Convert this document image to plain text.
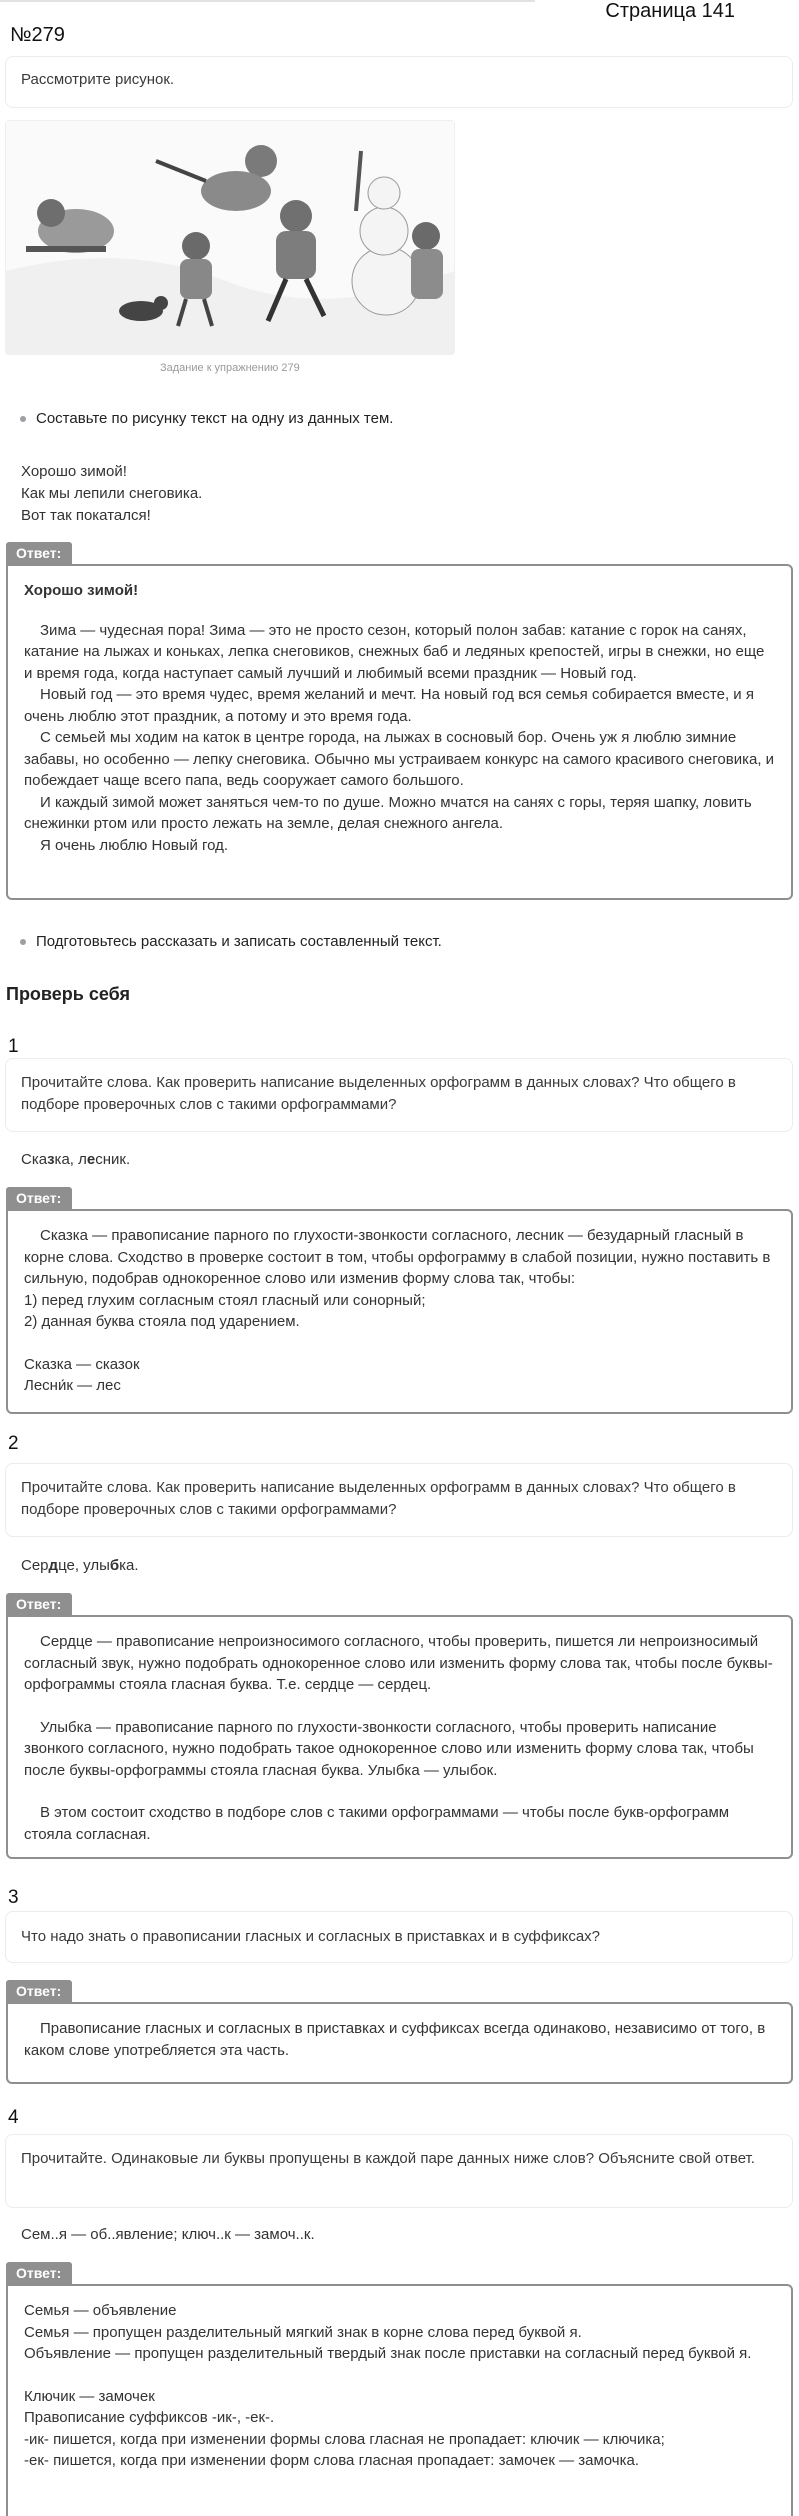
Страница 141
№279
Рассмотрите рисунок.
Задание к упражнению 279
Составьте по рисунку текст на одну из данных тем.
Хорошо зимой!
Как мы лепили снеговика.
Вот так покатался!
Ответ:

Хорошо зимой!

Зима — чудесная пора! Зима — это не просто сезон, который полон забав: катание с горок на санях, катание на лыжах и коньках, лепка снеговиков, снежных баб и ледяных крепостей, игры в снежки, но еще и время года, когда наступает самый лучший и любимый всеми праздник — Новый год.

Новый год — это время чудес, время желаний и мечт. На новый год вся семья собирается вместе, и я очень люблю этот праздник, а потому и это время года.

С семьей мы ходим на каток в центре города, на лыжах в сосновый бор. Очень уж я люблю зимние забавы, но особенно — лепку снеговика. Обычно мы устраиваем конкурс на самого красивого снеговика, и побеждает чаще всего папа, ведь сооружает самого большого.

И каждый зимой может заняться чем-то по душе. Можно мчатся на санях с горы, теряя шапку, ловить снежинки ртом или просто лежать на земле, делая снежного ангела.

Я очень люблю Новый год.

Подготовьтесь рассказать и записать составленный текст.
Проверь себя
1
Прочитайте слова. Как проверить написание выделенных орфограмм в данных словах? Что общего в подборе проверочных слов с такими орфограммами?
Сказка, лесник.
Ответ:

Сказка — правописание парного по глухости-звонкости согласного, лесник — безударный гласный в корне слова. Сходство в проверке состоит в том, чтобы орфограмму в слабой позиции, нужно поставить в сильную, подобрав однокоренное слово или изменив форму слова так, чтобы:

1) перед глухим согласным стоял гласный или сонорный;

2) данная буква стояла под ударением.

Сказка — сказок

Лесни́к — лес

2
Прочитайте слова. Как проверить написание выделенных орфограмм в данных словах? Что общего в подборе проверочных слов с такими орфограммами?
Сердце, улыбка.
Ответ:

Сердце — правописание непроизносимого согласного, чтобы проверить, пишется ли непроизносимый согласный звук, нужно подобрать однокоренное слово или изменить форму слова так, чтобы после буквы-орфограммы стояла гласная буква. Т.е. сердце — сердец.

Улыбка — правописание парного по глухости-звонкости согласного, чтобы проверить написание звонкого согласного, нужно подобрать такое однокоренное слово или изменить форму слова так, чтобы после буквы-орфограммы стояла гласная буква. Улыбка — улыбок.

В этом состоит сходство в подборе слов с такими орфограммами — чтобы после букв-орфограмм стояла согласная.

3
Что надо знать о правописании гласных и согласных в приставках и в суффиксах?
Ответ:

Правописание гласных и согласных в приставках и суффиксах всегда одинаково, независимо от того, в каком слове употребляется эта часть.

4
Прочитайте. Одинаковые ли буквы пропущены в каждой паре данных ниже слов? Объясните свой ответ.
Сем..я — об..явление; ключ..к — замоч..к.
Ответ:

Семья — объявление

Семья — пропущен разделительный мягкий знак в корне слова перед буквой я.

Объявление — пропущен разделительный твердый знак после приставки на согласный перед буквой я.

Ключик — замочек

Правописание суффиксов -ик-, -ек-.

-ик- пишется, когда при изменении формы слова гласная не пропадает: ключик — ключика;

-ек- пишется, когда при изменении форм слова гласная пропадает: замочек — замочка.
